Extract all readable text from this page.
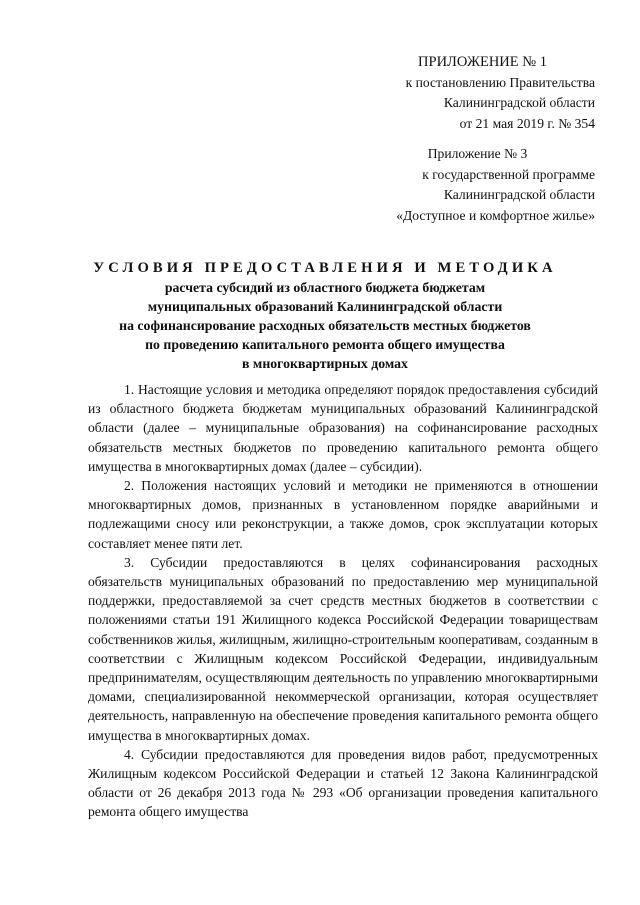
ПРИЛОЖЕНИЕ № 1
к постановлению Правительства
Калининградской области
от 21 мая 2019 г. № 354
Приложение № 3
к государственной программе
Калининградской области
«Доступное и комфортное жилье»
УСЛОВИЯ ПРЕДОСТАВЛЕНИЯ И МЕТОДИКА
расчета субсидий из областного бюджета бюджетам
муниципальных образований Калининградской области
на софинансирование расходных обязательств местных бюджетов
по проведению капитального ремонта общего имущества
в многоквартирных домах

1. Настоящие условия и методика определяют порядок предоставления субсидий из областного бюджета бюджетам муниципальных образований Калининградской области (далее – муниципальные образования) на софинансирование расходных обязательств местных бюджетов по проведению капитального ремонта общего имущества в многоквартирных домах (далее – субсидии).

2. Положения настоящих условий и методики не применяются в отношении многоквартирных домов, признанных в установленном порядке аварийными и подлежащими сносу или реконструкции, а также домов, срок эксплуатации которых составляет менее пяти лет.

3. Субсидии предоставляются в целях софинансирования расходных обязательств муниципальных образований по предоставлению мер муниципальной поддержки, предоставляемой за счет средств местных бюджетов в соответствии с положениями статьи 191 Жилищного кодекса Российской Федерации товариществам собственников жилья, жилищным, жилищно-строительным кооперативам, созданным в соответствии с Жилищным кодексом Российской Федерации, индивидуальным предпринимателям, осуществляющим деятельность по управлению многоквартирными домами, специализированной некоммерческой организации, которая осуществляет деятельность, направленную на обеспечение проведения капитального ремонта общего имущества в многоквартирных домах.

4. Субсидии предоставляются для проведения видов работ, предусмотренных Жилищным кодексом Российской Федерации и статьей 12 Закона Калининградской области от 26 декабря 2013 года № 293 «Об организации проведения капитального ремонта общего имущества
